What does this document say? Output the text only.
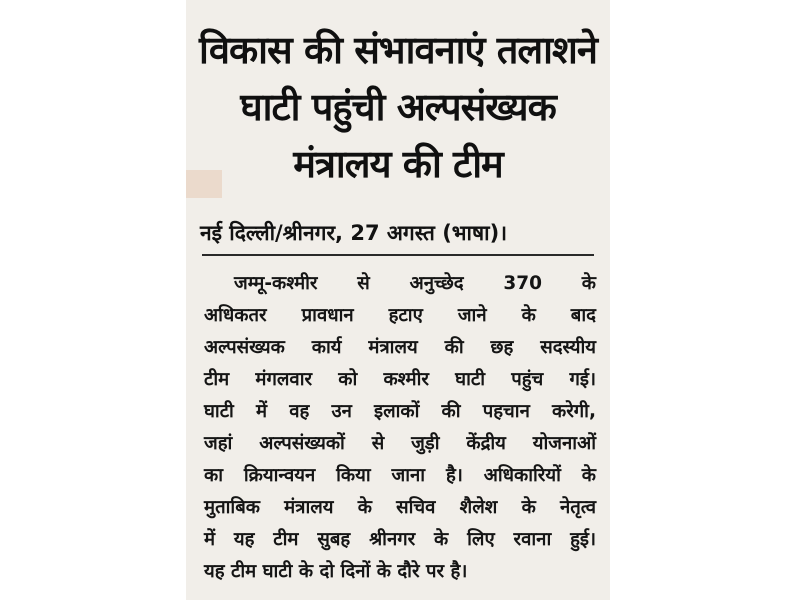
विकास की संभावनाएं तलाशने
घाटी पहुंची अल्पसंख्यक
मंत्रालय की टीम
नई दिल्ली/श्रीनगर, 27 अगस्त (भाषा)।
जम्मू-कश्मीर से अनुच्छेद 370 के
अधिकतर प्रावधान हटाए जाने के बाद
अल्पसंख्यक कार्य मंत्रालय की छह सदस्यीय
टीम मंगलवार को कश्मीर घाटी पहुंच गई।
घाटी में वह उन इलाकों की पहचान करेगी,
जहां अल्पसंख्यकों से जुड़ी केंद्रीय योजनाओं
का क्रियान्वयन किया जाना है। अधिकारियों के
मुताबिक मंत्रालय के सचिव शैलेश के नेतृत्व
में यह टीम सुबह श्रीनगर के लिए रवाना हुई।
यह टीम घाटी के दो दिनों के दौरे पर है।
